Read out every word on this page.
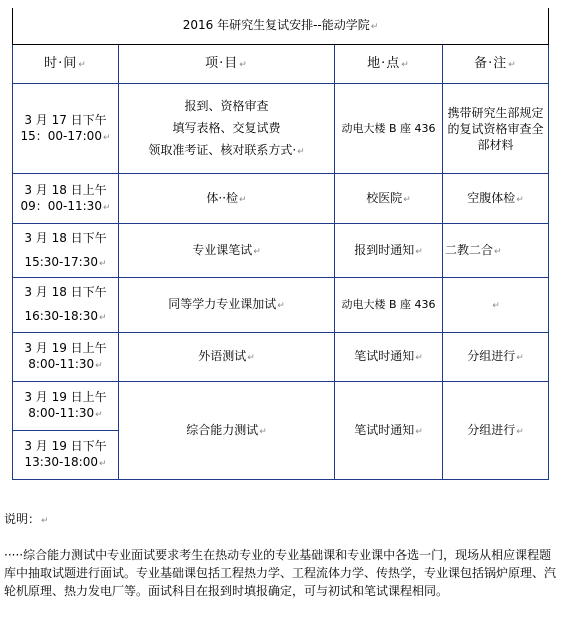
2016 年研究生复试安排--能动学院↵			
时·间↵	项·目↵	地·点↵	备·注↵
3 月 17 日下午 15：00-17:00↵	报到、资格审查
填写表格、交复试费
领取准考证、核对联系方式·↵	动电大楼 B 座 436	携带研究生部规定的复试资格审查全部材料
3 月 18 日上午 09：00-11:30↵	体··检↵	校医院↵	空腹体检↵
3 月 18 日下午
15:30-17:30↵	专业课笔试↵	报到时通知↵	二教二合↵
3 月 18 日下午
16:30-18:30↵	同等学力专业课加试↵	动电大楼 B 座 436	↵
3 月 19 日上午 8:00-11:30↵	外语测试↵	笔试时通知↵	分组进行↵
3 月 19 日上午 8:00-11:30↵	综合能力测试↵	笔试时通知↵	分组进行↵
3 月 19 日下午 13:30-18:00↵			
说明：↵
·····综合能力测试中专业面试要求考生在热动专业的专业基础课和专业课中各选一门，现场从相应课程题库中抽取试题进行面试。专业基础课包括工程热力学、工程流体力学、传热学，专业课包括锅炉原理、汽轮机原理、热力发电厂等。面试科目在报到时填报确定，可与初试和笔试课程相同。
